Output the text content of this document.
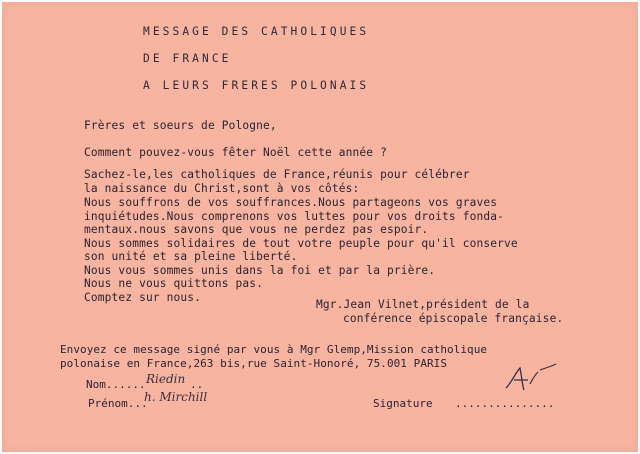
MESSAGE DES CATHOLIQUES
DE FRANCE
A LEURS FRERES POLONAIS
Frères et soeurs de Pologne,
Comment pouvez-vous fêter Noël cette année ?
Sachez-le,les catholiques de France,réunis pour célébrer
la naissance du Christ,sont à vos côtés:
Nous souffrons de vos souffrances.Nous partageons vos graves
inquiétudes.Nous comprenons vos luttes pour vos droits fonda-
mentaux.nous savons que vous ne perdez pas espoir.
Nous sommes solidaires de tout votre peuple pour qu'il conserve
son unité et sa pleine liberté.
Nous vous sommes unis dans la foi et par la prière.
Nous ne vous quittons pas.
Comptez sur nous.
Mgr.Jean Vilnet,président de la
conférence épiscopale française.
Envoyez ce message signé par vous à Mgr Glemp,Mission catholique
polonaise en France,263 bis,rue Saint-Honoré, 75.001 PARIS
Nom...... Riedin ..
Prénom...
h. Mirchill	Signature ...............
